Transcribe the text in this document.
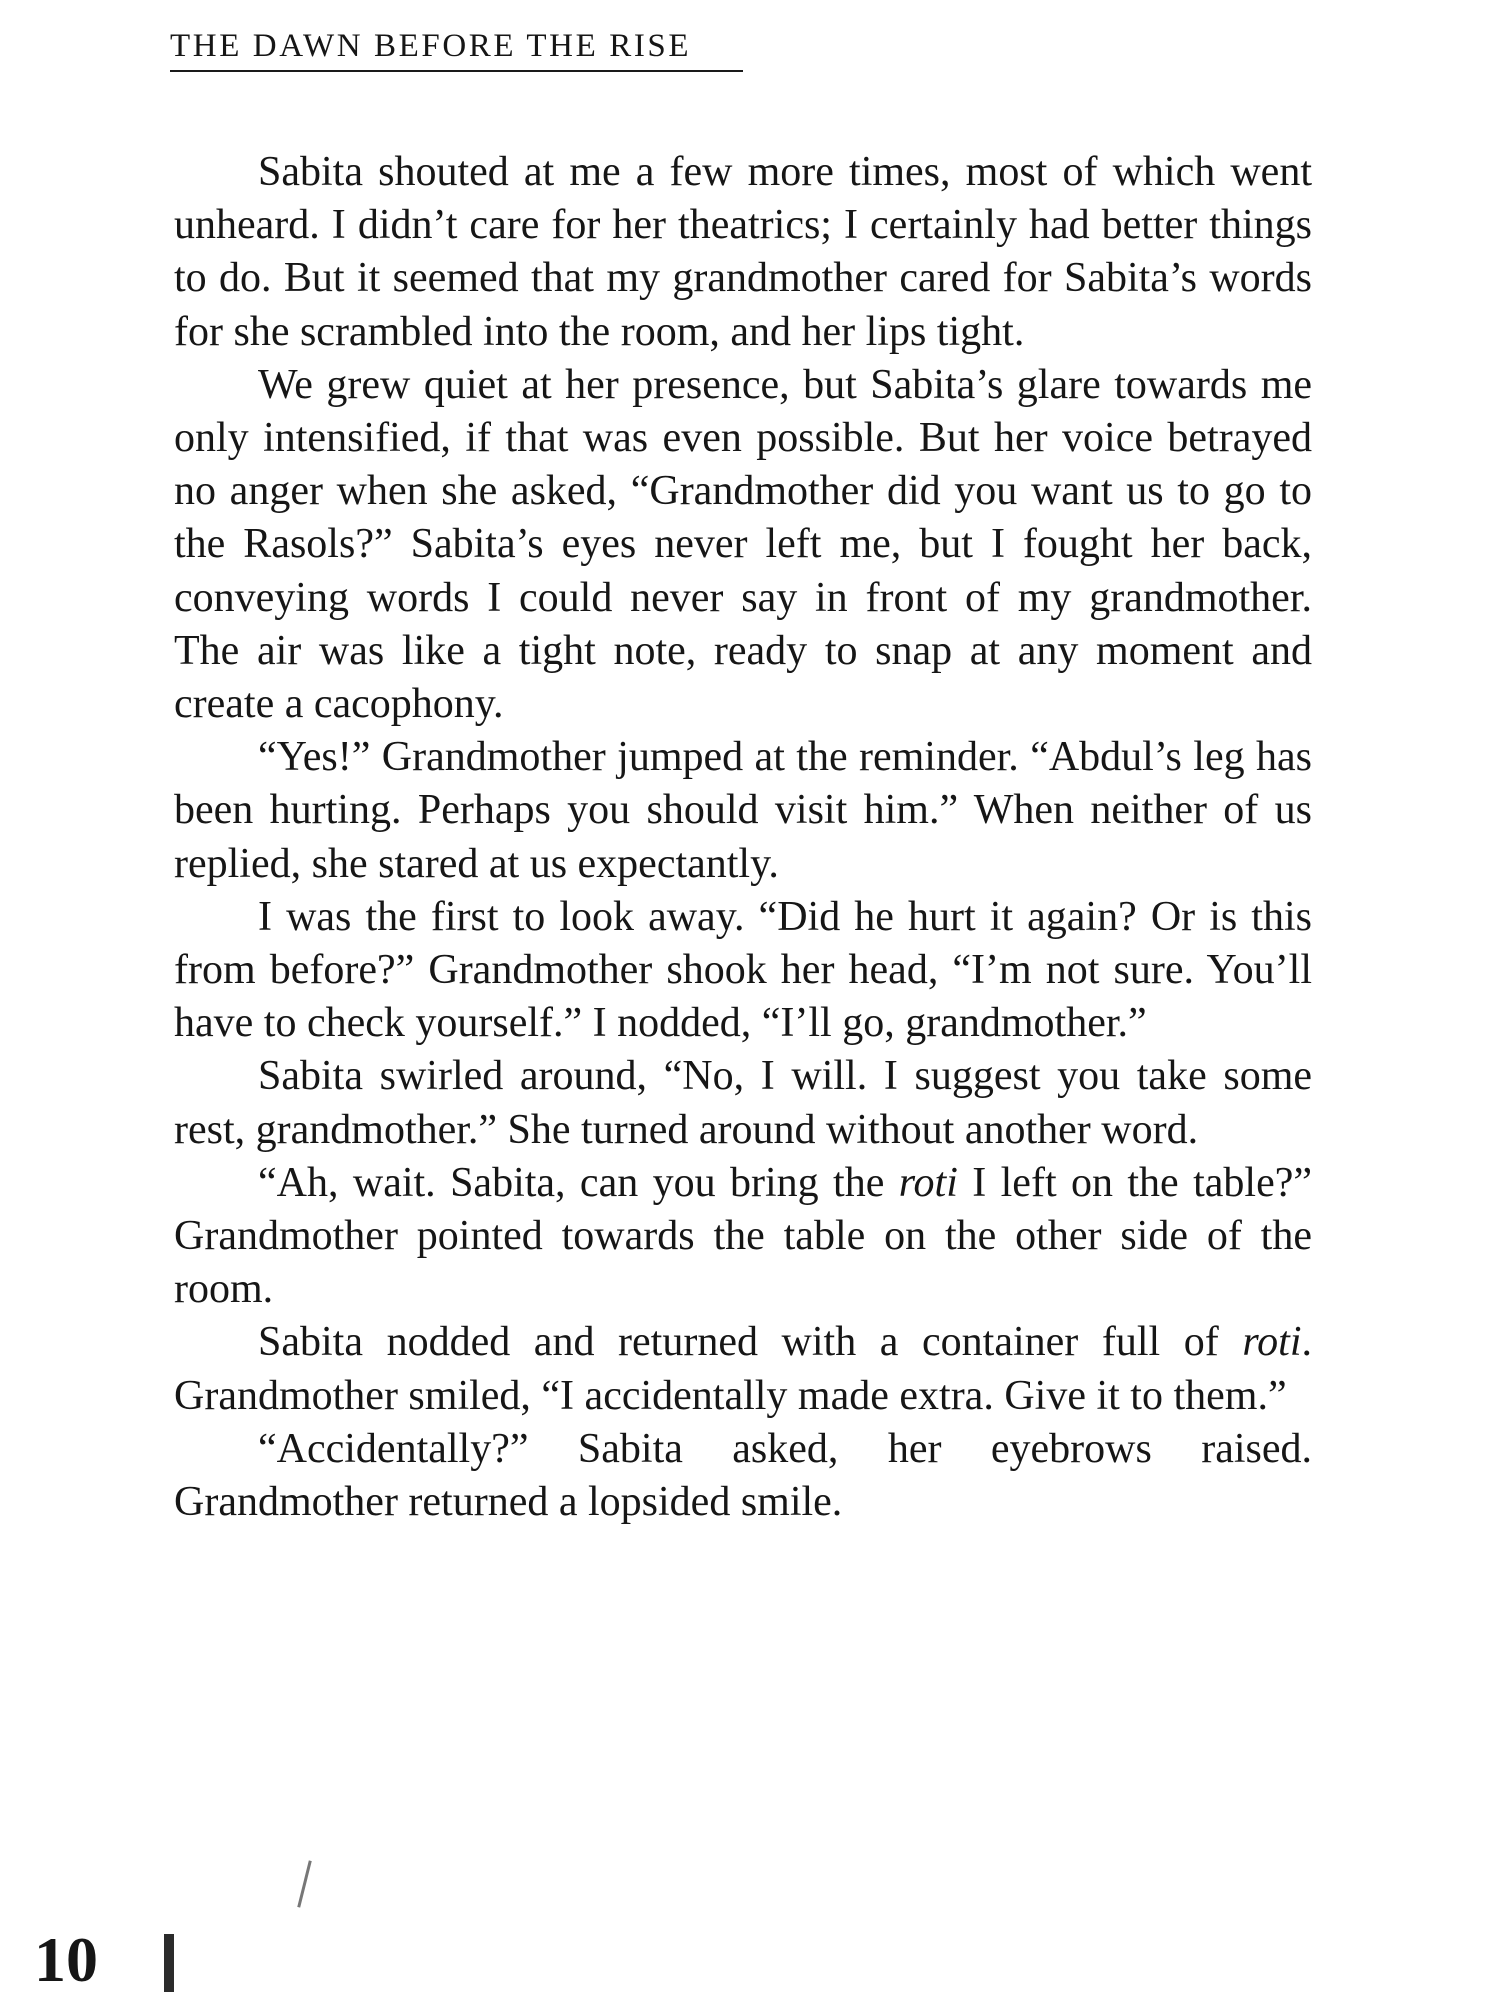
THE DAWN BEFORE THE RISE

Sabita shouted at me a few more times, most of which went unheard. I didn’t care for her theatrics; I certainly had better things to do. But it seemed that my grandmother cared for Sabita’s words for she scrambled into the room, and her lips tight.

We grew quiet at her presence, but Sabita’s glare towards me only intensified, if that was even possible. But her voice betrayed no anger when she asked, “Grandmother did you want us to go to the Rasols?” Sabita’s eyes never left me, but I fought her back, conveying words I could never say in front of my grandmother. The air was like a tight note, ready to snap at any moment and create a cacophony.

“Yes!” Grandmother jumped at the reminder. “Abdul’s leg has been hurting. Perhaps you should visit him.” When neither of us replied, she stared at us expectantly.

I was the first to look away. “Did he hurt it again? Or is this from before?” Grandmother shook her head, “I’m not sure. You’ll have to check yourself.” I nodded, “I’ll go, grandmother.”

Sabita swirled around, “No, I will. I suggest you take some rest, grandmother.” She turned around without another word.

“Ah, wait. Sabita, can you bring the roti I left on the table?” Grandmother pointed towards the table on the other side of the room.

Sabita nodded and returned with a container full of roti. Grandmother smiled, “I accidentally made extra. Give it to them.”

“Accidentally?” Sabita asked, her eyebrows raised. Grandmother returned a lopsided smile.

10
